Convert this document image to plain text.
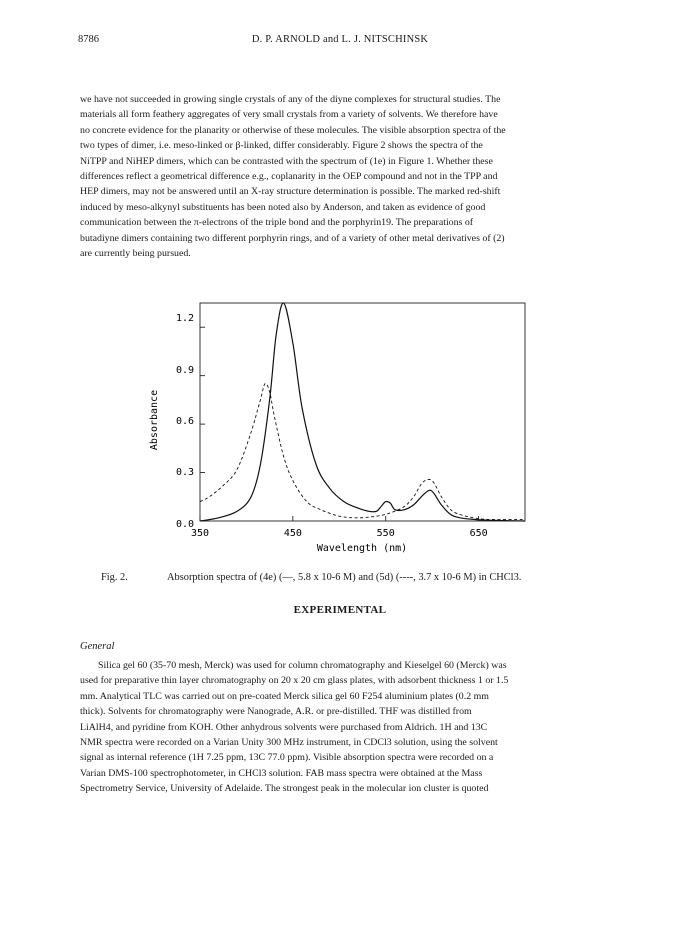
8786	D. P. ARNOLD and L. J. NITSCHINSK

we have not succeeded in growing single crystals of any of the diyne complexes for structural studies. The

materials all form feathery aggregates of very small crystals from a variety of solvents. We therefore have

no concrete evidence for the planarity or otherwise of these molecules. The visible absorption spectra of the

two types of dimer, i.e. meso-linked or β-linked, differ considerably. Figure 2 shows the spectra of the

NiTPP and NiHEP dimers, which can be contrasted with the spectrum of (1e) in Figure 1. Whether these

differences reflect a geometrical difference e.g., coplanarity in the OEP compound and not in the TPP and

HEP dimers, may not be answered until an X-ray structure determination is possible. The marked red-shift

induced by meso-alkynyl substituents has been noted also by Anderson, and taken as evidence of good

communication between the π-electrons of the triple bond and the porphyrin19. The preparations of

butadiyne dimers containing two different porphyrin rings, and of a variety of other metal derivatives of (2)

are currently being pursued.

350	450	550	650
0.0
0.3
0.6
0.9
1.2
Wavelength (nm)
Absorbance
Fig. 2.	Absorption spectra of (4e) (—, 5.8 x 10-6 M) and (5d) (----, 3.7 x 10-6 M) in CHCl3.
EXPERIMENTAL
General

Silica gel 60 (35-70 mesh, Merck) was used for column chromatography and Kieselgel 60 (Merck) was

used for preparative thin layer chromatography on 20 x 20 cm glass plates, with adsorbent thickness 1 or 1.5
mm. Analytical TLC was carried out on pre-coated Merck silica gel 60 F254 aluminium plates (0.2 mm
thick). Solvents for chromatography were Nanograde, A.R. or pre-distilled. THF was distilled from
LiAlH4, and pyridine from KOH. Other anhydrous solvents were purchased from Aldrich. 1H and 13C
NMR spectra were recorded on a Varian Unity 300 MHz instrument, in CDCl3 solution, using the solvent
signal as internal reference (1H 7.25 ppm, 13C 77.0 ppm). Visible absorption spectra were recorded on a
Varian DMS-100 spectrophotometer, in CHCl3 solution. FAB mass spectra were obtained at the Mass
Spectrometry Service, University of Adelaide. The strongest peak in the molecular ion cluster is quoted
